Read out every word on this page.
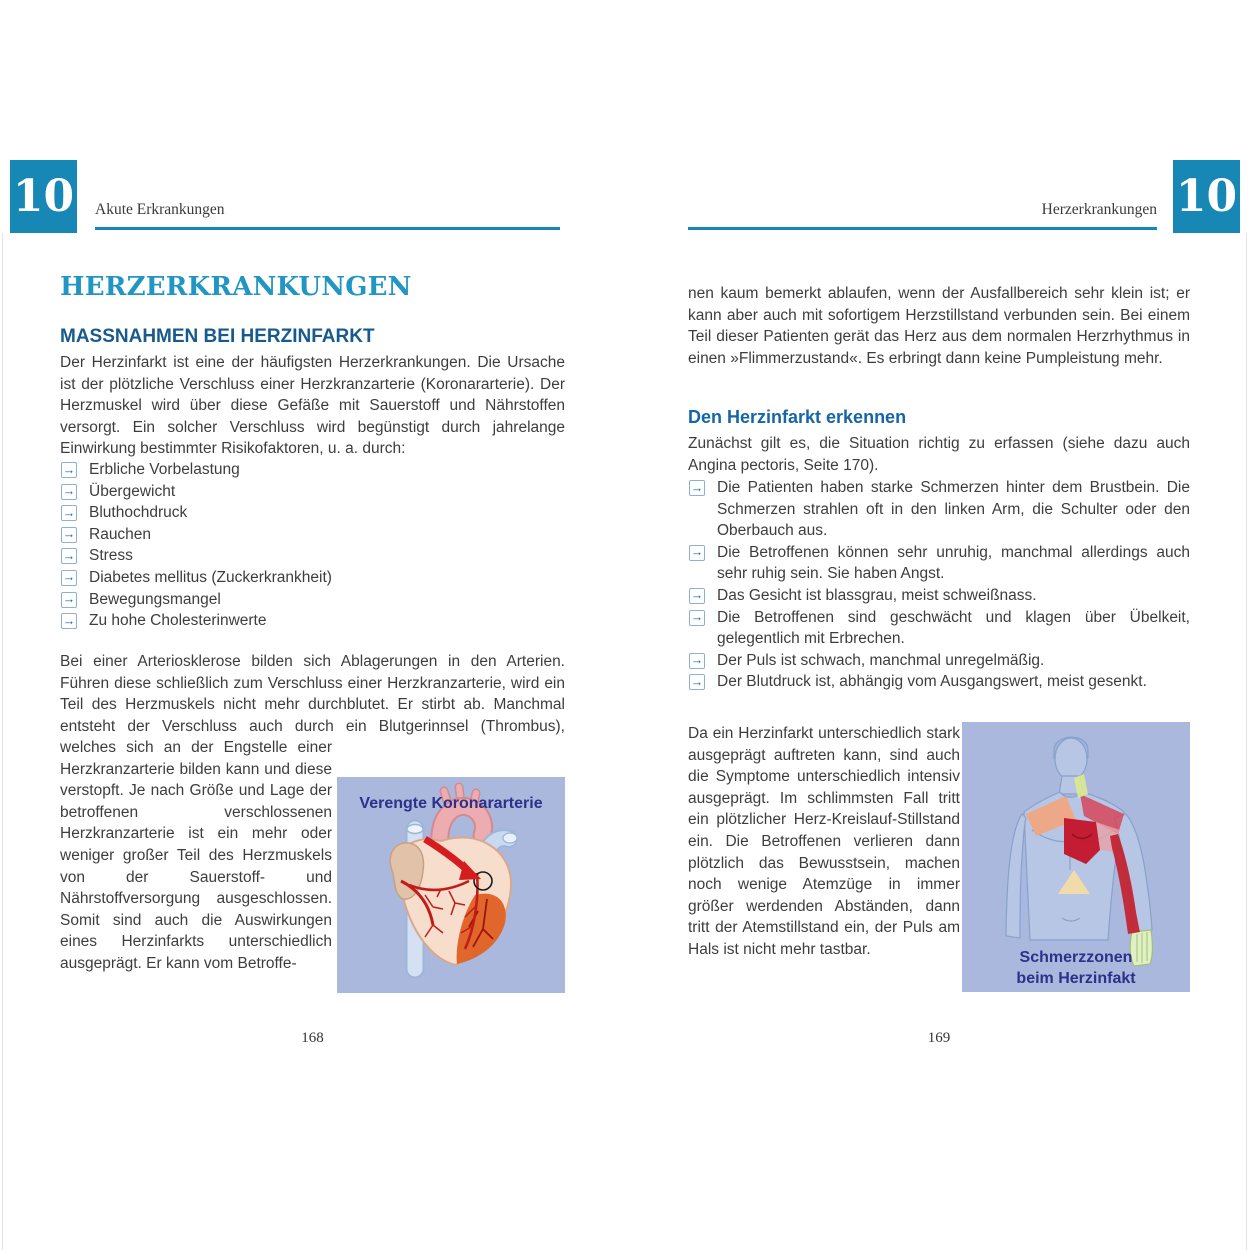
10 Akute Erkrankungen	Herzerkrankungen 10
HERZERKRANKUNGEN
MASSNAHMEN BEI HERZINFARKT
Der Herzinfarkt ist eine der häufigsten Herzerkrankungen. Die Ursache ist der plötzliche Verschluss einer Herzkranzarterie (Koronararterie). Der Herzmuskel wird über diese Gefäße mit Sauerstoff und Nährstoffen versorgt. Ein solcher Verschluss wird begünstigt durch jahrelange Einwirkung bestimmter Risikofaktoren, u. a. durch:
→ Erbliche Vorbelastung
→ Übergewicht
→ Bluthochdruck
→ Rauchen
→ Stress
→ Diabetes mellitus (Zuckerkrankheit)
→ Bewegungsmangel
→ Zu hohe Cholesterinwerte
Bei einer Arteriosklerose bilden sich Ablagerungen in den Arterien. Führen diese schließlich zum Verschluss einer Herzkranzarterie, wird ein Teil des Herzmuskels nicht mehr durchblutet. Er stirbt ab. Manchmal entsteht der Verschluss auch durch ein Blutgerinnsel (Thrombus),
welches sich an der Engstelle einer Herzkranzarterie bilden kann und diese verstopft. Je nach Größe und Lage der betroffenen verschlossenen Herzkranzarterie ist ein mehr oder weniger großer Teil des Herzmuskels von der Sauerstoff- und Nährstoffversorgung ausgeschlossen. Somit sind auch die Auswirkungen eines Herzinfarkts unterschiedlich ausgeprägt. Er kann vom Betroffe-
Verengte Koronararterie
168
nen kaum bemerkt ablaufen, wenn der Ausfallbereich sehr klein ist; er kann aber auch mit sofortigem Herzstillstand verbunden sein. Bei einem Teil dieser Patienten gerät das Herz aus dem normalen Herzrhythmus in einen »Flimmerzustand«. Es erbringt dann keine Pumpleistung mehr.
Den Herzinfarkt erkennen
Zunächst gilt es, die Situation richtig zu erfassen (siehe dazu auch Angina pectoris, Seite 170).
→ Die Patienten haben starke Schmerzen hinter dem Brustbein. Die Schmerzen strahlen oft in den linken Arm, die Schulter oder den Oberbauch aus.
→ Die Betroffenen können sehr unruhig, manchmal allerdings auch sehr ruhig sein. Sie haben Angst.
→ Das Gesicht ist blassgrau, meist schweißnass.
→ Die Betroffenen sind geschwächt und klagen über Übelkeit, gelegentlich mit Erbrechen.
→ Der Puls ist schwach, manchmal unregelmäßig.
→ Der Blutdruck ist, abhängig vom Ausgangswert, meist gesenkt.
Da ein Herzinfarkt unterschiedlich stark ausgeprägt auftreten kann, sind auch die Symptome unterschiedlich intensiv ausgeprägt. Im schlimmsten Fall tritt ein plötzlicher Herz-Kreislauf-Stillstand ein. Die Betroffenen verlieren dann plötzlich das Bewusstsein, machen noch wenige Atemzüge in immer größer werdenden Abständen, dann tritt der Atemstillstand ein, der Puls am Hals ist nicht mehr tastbar.	Schmerzzonen
beim Herzinfakt
169
